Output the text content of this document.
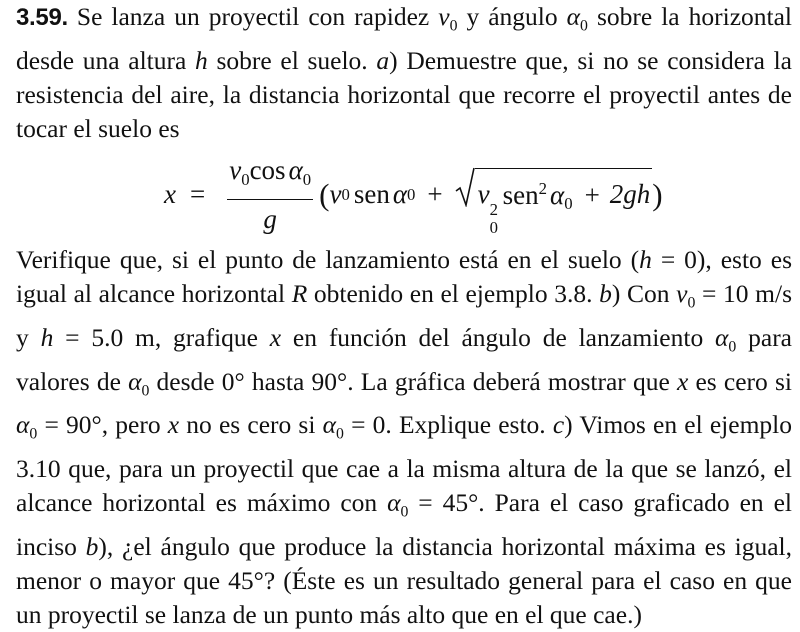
3.59. Se lanza un proyectil con rapidez $v_0$ y ángulo $\alpha_0$ sobre la horizontal desde una altura h sobre el suelo. a) Demuestre que, si no se considera la resistencia del aire, la distancia horizontal que recorre el proyectil antes de tocar el suelo es

$x = \frac{v_0\cos \alpha_0}{g}$ ( v 0 sen α 0 + v 2
0
sen$^2$ $\alpha_0 + 2gh$ )

Verifique que, si el punto de lanzamiento está en el suelo (h = 0), esto es igual al alcance horizontal R obtenido en el ejemplo 3.8. b) Con $v_0 = 10$ m/s y h = 5.0 m, grafique x en función del ángulo de lanzamiento $\alpha_0$ para valores de $\alpha_0$ desde 0° hasta 90°. La gráfica deberá mostrar que x es cero si $\alpha_0 = 90^\circ$, pero x no es cero si $\alpha_0 = 0$. Explique esto. c) Vimos en el ejemplo 3.10 que, para un proyectil que cae a la misma altura de la que se lanzó, el alcance horizontal es máximo con $\alpha_0 = 45^\circ$. Para el caso graficado en el inciso b), ¿el ángulo que produce la distancia horizontal máxima es igual, menor o mayor que 45°? (Éste es un resultado general para el caso en que un proyectil se lanza de un punto más alto que en el que cae.)
